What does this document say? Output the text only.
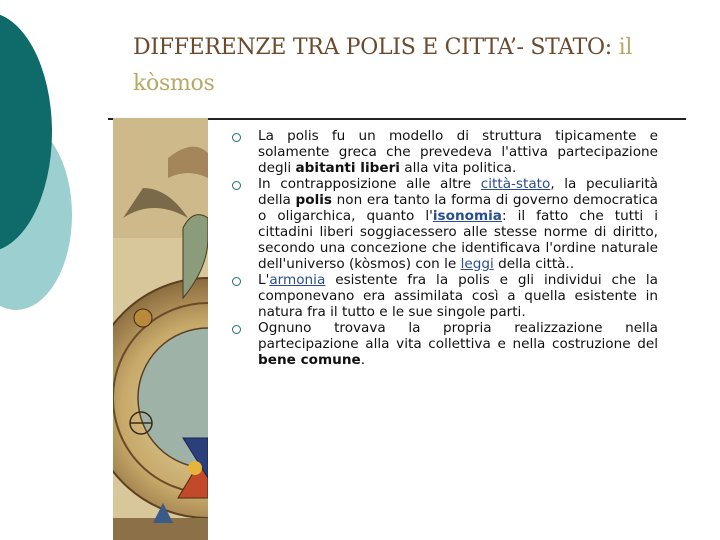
DIFFERENZE TRA POLIS E CITTA’- STATO: il
kòsmos
La polis fu un modello di struttura tipicamente e solamente greca che prevedeva l'attiva partecipazione degli abitanti liberi alla vita politica.
In contrapposizione alle altre città-stato, la peculiarità della polis non era tanto la forma di governo democratica o oligarchica, quanto l'isonomia: il fatto che tutti i cittadini liberi soggiacessero alle stesse norme di diritto, secondo una concezione che identificava l'ordine naturale dell'universo (kòsmos) con le leggi della città..
L'armonia esistente fra la polis e gli individui che la componevano era assimilata così a quella esistente in natura fra il tutto e le sue singole parti.
Ognuno trovava la propria realizzazione nella partecipazione alla vita collettiva e nella costruzione del bene comune.
